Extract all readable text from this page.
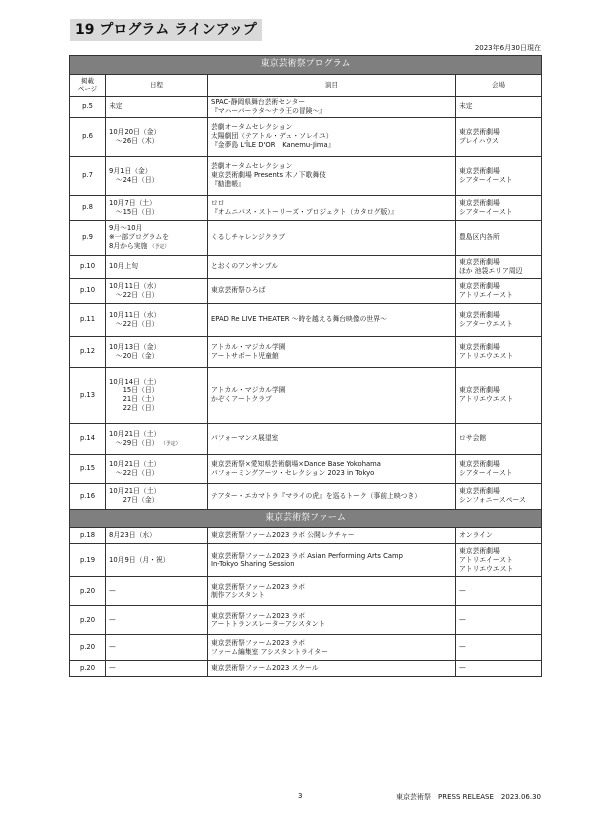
19 プログラム ラインアップ
2023年6月30日現在
東京芸術祭プログラム			
掲載
ページ	日程	演目	会場
p.5	未定	SPAC-静岡県舞台芸術センター
『マハーバーラタ〜ナラ王の冒険〜』	未定
p.6	10月20日（金）
　〜26日（木）	芸劇オータムセレクション
太陽劇団（テアトル・デュ・ソレイユ）
『金夢島 L'ÎLE D'OR　Kanemu-Jima』	東京芸術劇場
プレイハウス
p.7	9月1日（金）
　〜24日（日）	芸劇オータムセレクション
東京芸術劇場 Presents 木ノ下歌舞伎
『勧進帳』	東京芸術劇場
シアターイースト
p.8	10月7日（土）
　〜15日（日）	ロロ
『オムニバス・ストーリーズ・プロジェクト（カタログ版）』	東京芸術劇場
シアターイースト
p.9	9月〜10月
※一部プログラムを
8月から実施 （予定）	くるしチャレンジクラブ	豊島区内各所
p.10	10月上旬	とおくのアンサンブル	東京芸術劇場
ほか 池袋エリア周辺
p.10	10月11日（水）
　〜22日（日）	東京芸術祭ひろば	東京芸術劇場
アトリエイースト
p.11	10月11日（水）
　〜22日（日）	EPAD Re LIVE THEATER 〜時を越える舞台映像の世界〜	東京芸術劇場
シアターウエスト
p.12	10月13日（金）
　〜20日（金）	アトカル・マジカル学園
アートサポート児童館	東京芸術劇場
アトリエウエスト
p.13	10月14日（土）
　　15日（日）
　　21日（土）
　　22日（日）	アトカル・マジカル学園
かぞくアートクラブ	東京芸術劇場
アトリエウエスト
p.14	10月21日（土）
　〜29日（日） （予定）	パフォーマンス展望室	ロサ会館
p.15	10月21日（土）
　〜22日（日）	東京芸術祭×愛知県芸術劇場×Dance Base Yokohama
パフォーミングアーツ・セレクション 2023 in Tokyo	東京芸術劇場
シアターイースト
p.16	10月21日（土）
　　27日（金）	テアター・エカマトラ『マライの虎』を巡るトーク（事前上映つき）	東京芸術劇場
シンフォニースペース
東京芸術祭ファーム			
p.18	8月23日（水）	東京芸術祭ファーム2023 ラボ 公開レクチャー	オンライン
p.19	10月9日（月・祝）	東京芸術祭ファーム2023 ラボ Asian Performing Arts Camp
In-Tokyo Sharing Session	東京芸術劇場
アトリエイースト
アトリエウエスト
p.20	—	東京芸術祭ファーム2023 ラボ
制作アシスタント	—
p.20	—	東京芸術祭ファーム2023 ラボ
アートトランスレーターアシスタント	—
p.20	—	東京芸術祭ファーム2023 ラボ
ファーム編集室 アシスタントライター	—
p.20	—	東京芸術祭ファーム2023 スクール	—
3	東京芸術祭　PRESS RELEASE　2023.06.30
